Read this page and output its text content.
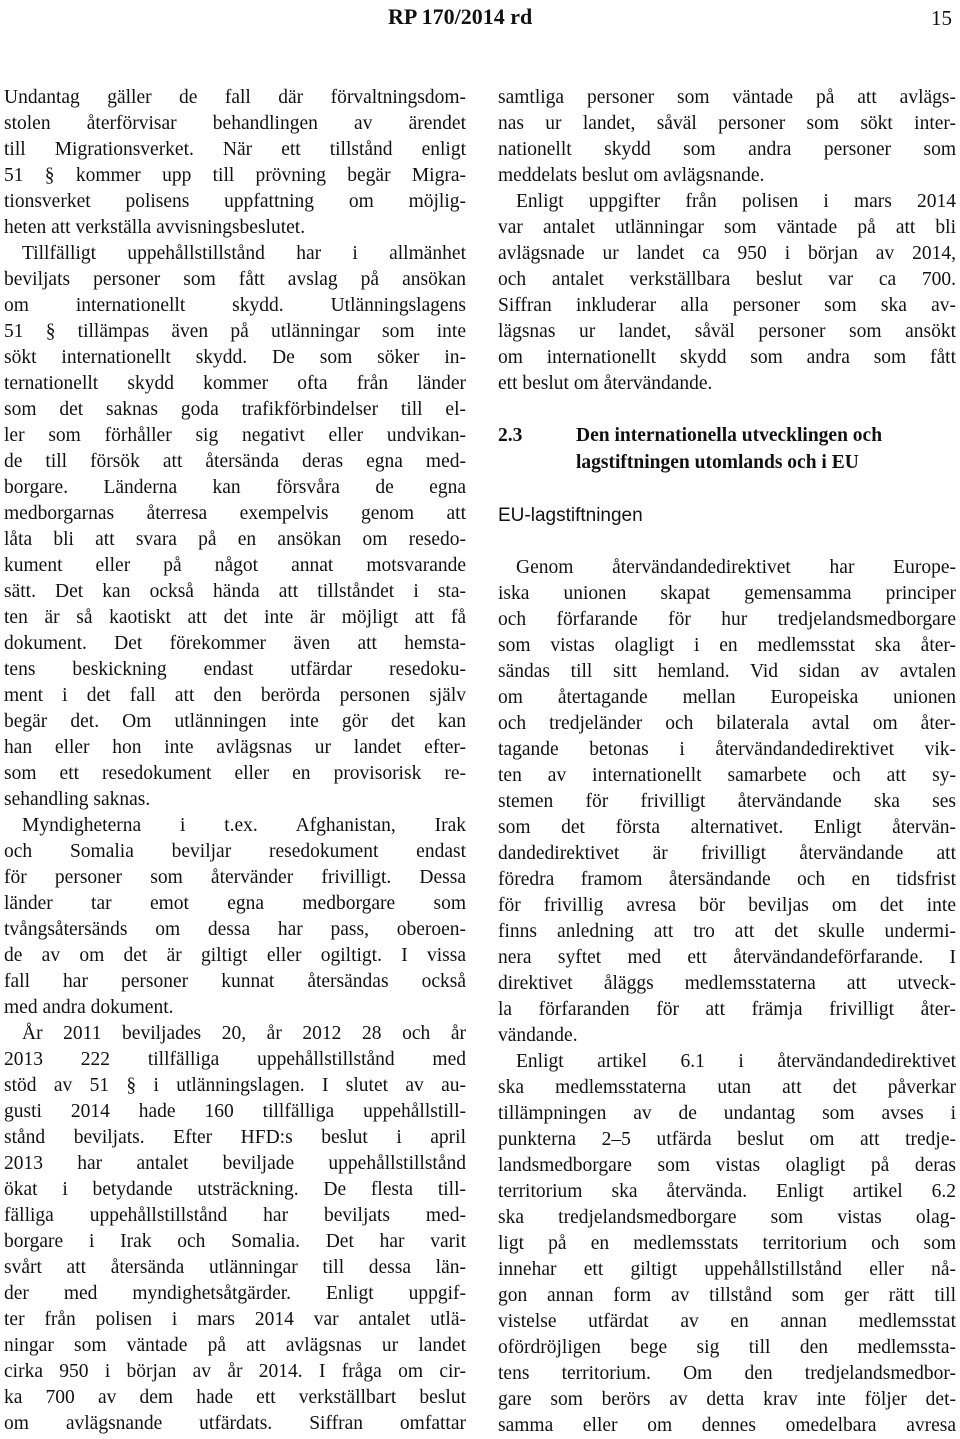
RP 170/2014 rd	15
Undantag gäller de fall där förvaltningsdom-
stolen återförvisar behandlingen av ärendet
till Migrationsverket. När ett tillstånd enligt
51 § kommer upp till prövning begär Migra-
tionsverket polisens uppfattning om möjlig-
heten att verkställa avvisningsbeslutet.
Tillfälligt uppehållstillstånd har i allmänhet
beviljats personer som fått avslag på ansökan
om internationellt skydd. Utlänningslagens
51 § tillämpas även på utlänningar som inte
sökt internationellt skydd. De som söker in-
ternationellt skydd kommer ofta från länder
som det saknas goda trafikförbindelser till el-
ler som förhåller sig negativt eller undvikan-
de till försök att återsända deras egna med-
borgare. Länderna kan försvåra de egna
medborgarnas återresa exempelvis genom att
låta bli att svara på en ansökan om resedo-
kument eller på något annat motsvarande
sätt. Det kan också hända att tillståndet i sta-
ten är så kaotiskt att det inte är möjligt att få
dokument. Det förekommer även att hemsta-
tens beskickning endast utfärdar resedoku-
ment i det fall att den berörda personen själv
begär det. Om utlänningen inte gör det kan
han eller hon inte avlägsnas ur landet efter-
som ett resedokument eller en provisorisk re-
sehandling saknas.
Myndigheterna i t.ex. Afghanistan, Irak
och Somalia beviljar resedokument endast
för personer som återvänder frivilligt. Dessa
länder tar emot egna medborgare som
tvångsåtersänds om dessa har pass, oberoen-
de av om det är giltigt eller ogiltigt. I vissa
fall har personer kunnat återsändas också
med andra dokument.
År 2011 beviljades 20, år 2012 28 och år
2013 222 tillfälliga uppehållstillstånd med
stöd av 51 § i utlänningslagen. I slutet av au-
gusti 2014 hade 160 tillfälliga uppehållstill-
stånd beviljats. Efter HFD:s beslut i april
2013 har antalet beviljade uppehållstillstånd
ökat i betydande utsträckning. De flesta till-
fälliga uppehållstillstånd har beviljats med-
borgare i Irak och Somalia. Det har varit
svårt att återsända utlänningar till dessa län-
der med myndighetsåtgärder. Enligt uppgif-
ter från polisen i mars 2014 var antalet utlä-
ningar som väntade på att avlägsnas ur landet
cirka 950 i början av år 2014. I fråga om cir-
ka 700 av dem hade ett verkställbart beslut
om avlägsnande utfärdats. Siffran omfattar
samtliga personer som väntade på att avlägs-
nas ur landet, såväl personer som sökt inter-
nationellt skydd som andra personer som
meddelats beslut om avlägsnande.
Enligt uppgifter från polisen i mars 2014
var antalet utlänningar som väntade på att bli
avlägsnade ur landet ca 950 i början av 2014,
och antalet verkställbara beslut var ca 700.
Siffran inkluderar alla personer som ska av-
lägsnas ur landet, såväl personer som ansökt
om internationellt skydd som andra som fått
ett beslut om återvändande.
2.3	Den internationella utvecklingen och
lagstiftningen utomlands och i EU
EU-lagstiftningen
Genom återvändandedirektivet har Europe-
iska unionen skapat gemensamma principer
och förfarande för hur tredjelandsmedborgare
som vistas olagligt i en medlemsstat ska åter-
sändas till sitt hemland. Vid sidan av avtalen
om återtagande mellan Europeiska unionen
och tredjeländer och bilaterala avtal om åter-
tagande betonas i återvändandedirektivet vik-
ten av internationellt samarbete och att sy-
stemen för frivilligt återvändande ska ses
som det första alternativet. Enligt återvän-
dandedirektivet är frivilligt återvändande att
föredra framom återsändande och en tidsfrist
för frivillig avresa bör beviljas om det inte
finns anledning att tro att det skulle undermi-
nera syftet med ett återvändandeförfarande. I
direktivet åläggs medlemsstaterna att utveck-
la förfaranden för att främja frivilligt åter-
vändande.
Enligt artikel 6.1 i återvändandedirektivet
ska medlemsstaterna utan att det påverkar
tillämpningen av de undantag som avses i
punkterna 2–5 utfärda beslut om att tredje-
landsmedborgare som vistas olagligt på deras
territorium ska återvända. Enligt artikel 6.2
ska tredjelandsmedborgare som vistas olag-
ligt på en medlemsstats territorium och som
innehar ett giltigt uppehållstillstånd eller nå-
gon annan form av tillstånd som ger rätt till
vistelse utfärdat av en annan medlemsstat
ofördröjligen bege sig till den medlemssta-
tens territorium. Om den tredjelandsmedbor-
gare som berörs av detta krav inte följer det-
samma eller om dennes omedelbara avresa
